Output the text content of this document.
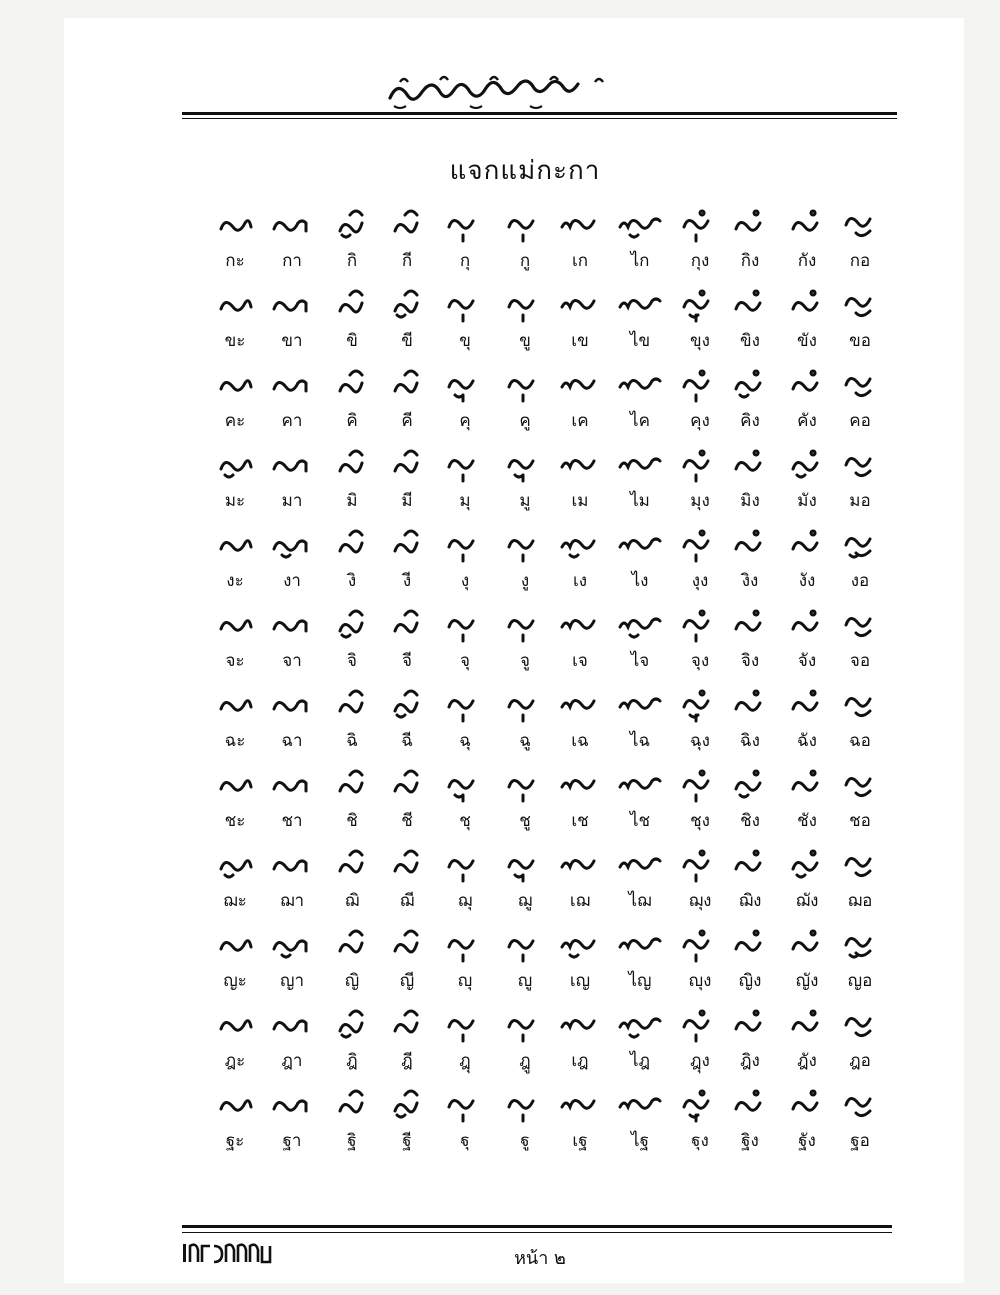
แจกแม่กะกา
กะ	กา	กิ	กี	กุ	กู	เก	ไก	กุง	กิง	กัง	กอ
ขะ	ขา	ขิ	ขี	ขุ	ขู	เข	ไข	ขุง	ขิง	ขัง	ขอ
คะ	คา	คิ	คี	คุ	คู	เค	ไค	คุง	คิง	คัง	คอ
มะ	มา	มิ	มี	มุ	มู	เม	ไม	มุง	มิง	มัง	มอ
งะ	งา	งิ	งี	งุ	งู	เง	ไง	งุง	งิง	งัง	งอ
จะ	จา	จิ	จี	จุ	จู	เจ	ไจ	จุง	จิง	จัง	จอ
ฉะ	ฉา	ฉิ	ฉี	ฉุ	ฉู	เฉ	ไฉ	ฉุง	ฉิง	ฉัง	ฉอ
ชะ	ชา	ชิ	ชี	ชุ	ชู	เช	ไช	ชุง	ชิง	ชัง	ชอ
ฌะ	ฌา	ฌิ	ฌี	ฌุ	ฌู	เฌ	ไฌ	ฌุง	ฌิง	ฌัง	ฌอ
ญะ	ญา	ญิ	ญี	ญุ	ญู	เญ	ไญ	ญุง	ญิง	ญัง	ญอ
ฎะ	ฎา	ฎิ	ฎี	ฎุ	ฎู	เฎ	ไฎ	ฎุง	ฎิง	ฎัง	ฎอ
ฐะ	ฐา	ฐิ	ฐี	ฐุ	ฐู	เฐ	ไฐ	ฐุง	ฐิง	ฐัง	ฐอ
หน้า ๒
